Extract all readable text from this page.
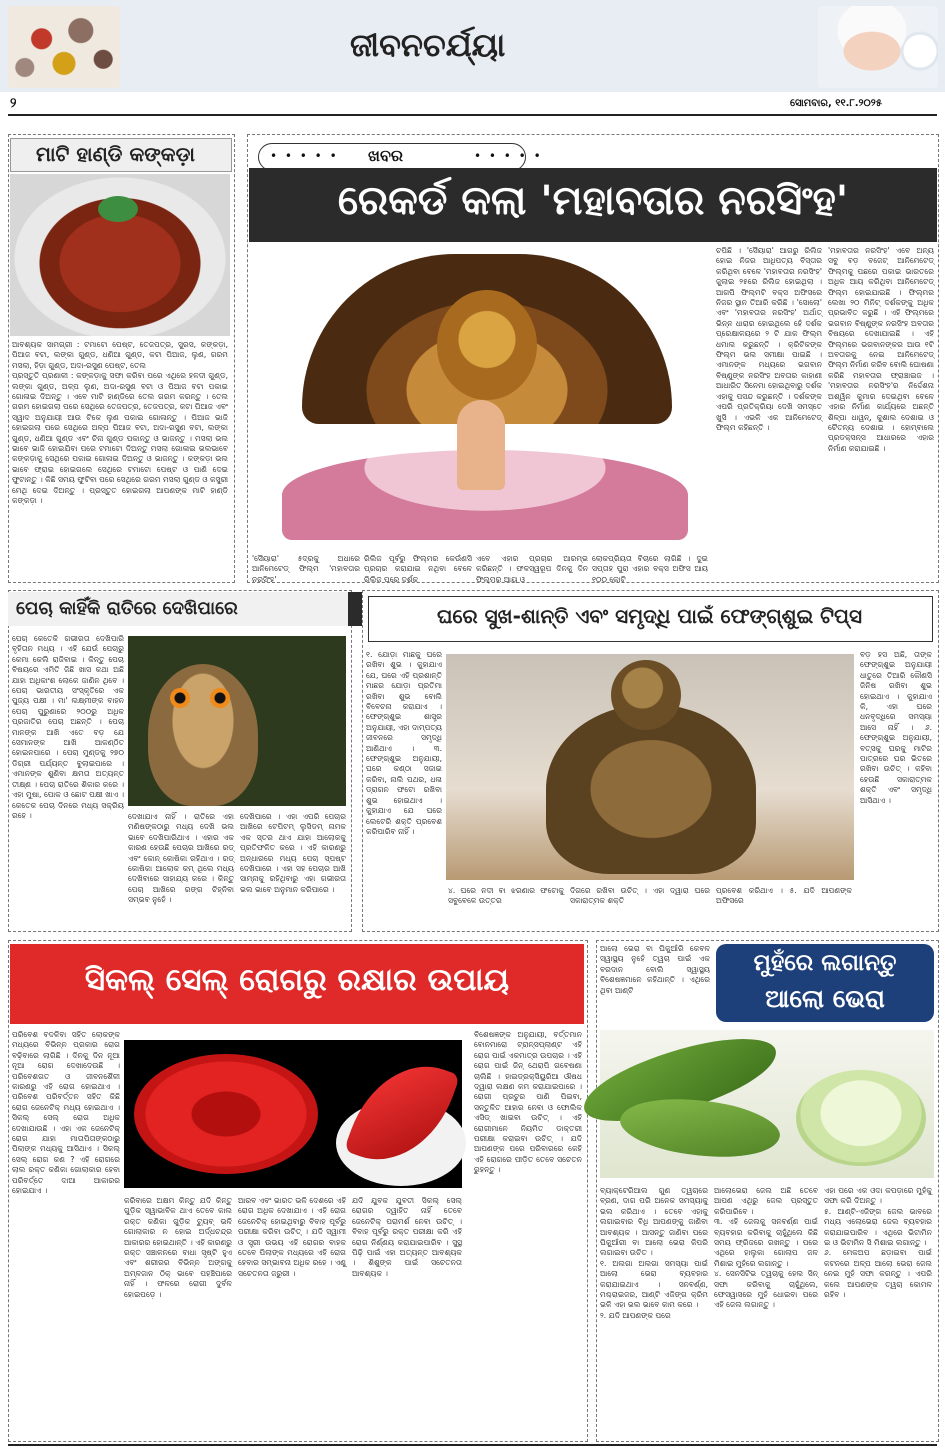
ଜୀବନଚର୍ଯ୍ୟା
୨	ସୋମବାର, ୧୧.୮.୨୦୨୫
ମାଟି ହାଣ୍ଡି କଙ୍କଡ଼ା
ଆବଶ୍ୟକ ସାମଗ୍ରୀ : ଟମାଟୋ ପେଷ୍ଟ, ତେଜପତ୍ର, ସୁରସ, କଙ୍କଡ଼ା, ପିଆଜ ବଟା, ଲଙ୍କା ଗୁଣ୍ଡ, ଧଣିଆ ଗୁଣ୍ଡ, କଟା ପିଆଜ, ଲୁଣ, ଗରମ ମସଲା, ହିଡ଼ା ଗୁଣ୍ଡ, ଅଦା-ରସୁଣ ପେଷ୍ଟ, ତେଲ
ପ୍ରସ୍ତୁତି ପ୍ରଣାଳୀ : କଙ୍କଡ଼ାକୁ ସଫା କରିବା ପରେ ଏଥିରେ ହଳଦୀ ଗୁଣ୍ଡ, ଲଙ୍କା ଗୁଣ୍ଡ, ଅଳ୍ପ ଲୁଣ, ଅଦା-ରସୁଣ ବଟା ଓ ପିଆଜ ବଟା ପକାଇ ଗୋଳାଇ ଦିଅନ୍ତୁ । ଏବେ ମାଟି ହାଣ୍ଡିରେ ତେଲ ଗରମ କରନ୍ତୁ । ତେଲ ଗରମ ହୋଇଗଲା ପରେ ସେଥିରେ ତେଜପତ୍ର, ତେଜପତ୍ର, କଟା ପିଆଜ ଏବଂ ସ୍ୱାଦ ଅନୁଯାୟୀ ଆଉ ଟିକେ ଲୁଣ ପକାଇ ଗୋଳାନ୍ତୁ । ପିଆଜ ଭାଜି ହୋଇଗଲା ପରେ ସେଥିରେ ଅଳ୍ପ ପିଆଜ ବଟା, ଅଦା-ରସୁଣ ବଟା, ଲଙ୍କା ଗୁଣ୍ଡ, ଧଣିଆ ଗୁଣ୍ଡ ଏବଂ ଚିନା ଗୁଣ୍ଡ ପକାନ୍ତୁ ଓ ଭାଜନ୍ତୁ । ମସଲା ଭଲ ଭାବେ ଭାଜି ହୋଇଯିବା ପରେ ଟମାଟୋ ଦିଅନ୍ତୁ ମସଲା ଗୋଳାଇ ଭଲଭାବେ କଙ୍କଡ଼ାକୁ ସେଥିରେ ପକାଇ ଗୋଳାଇ ଦିଅନ୍ତୁ ଓ ଭାଜନ୍ତୁ । କଙ୍କଡ଼ା ଭଲ ଭାବେ ଫ୍ରାଇ ହୋଇଗଲେ ସେଥିରେ ଟମାଟୋ ପେଷ୍ଟ ଓ ପାଣି ଦେଇ ଫୁଟାନ୍ତୁ । କିଛି ସମୟ ଫୁଟିବା ପରେ ସେଥିରେ ଗରମ ମସଲା ଗୁଣ୍ଡ ଓ କସୁରୀ ମେଥି ଦେଇ ଦିଅନ୍ତୁ । ପ୍ରସ୍ତୁତ ହୋଇଗଲା ଆପଣଙ୍କ ମାଟି ହାଣ୍ଡି କଙ୍କଡ଼ା ।
• • • • • ଖବର	• • • • •
ରେକର୍ଡ କଲା 'ମହାବତାର ନରସିଂହ'
ଚପିଛି । 'ସୈୟାରା' ଆଗରୁ ରିଲିଜ ହୋଇ ନିଜର ଆଧିପତ୍ୟ ବିସ୍ତାର କରିଥିବା ବେଳେ 'ମହାବତାର ନରସିଂହ' ଜୁଲାଇ ୨୫ରେ ରିଲିଜ ହୋଇଥିଲା । ଆଗପି ଫିଲ୍ମଟି ବକ୍ସ ଅଫିସରେ ନିଜର ସ୍ଥାନ ତିଆରି କରିଛି । 'ସୋଲୋ' ଏବଂ 'ମହାବତାର ନରସିଂହ' ଅର୍ଥାତ୍ ଭିନ୍ନ ଧାରାର ହୋଇଥିଲେ ହେଁ ଦର୍ଶକ ପ୍ରେକ୍ଷାଳୟରେ ୨ ଟି ଯାକ ଫିଲ୍ମ ଧମାଲ କରୁଛନ୍ତି । କ୍ରିଟିକଙ୍କ ଫିଲ୍ମ ଭଲ ସମୀକ୍ଷା ପାଇଛି । ଏମାନଙ୍କ ମଧ୍ୟରେ ଭଗବାନ ବିଷ୍ଣୁଙ୍କ ନରସିଂହ ଅବତାର କାହାଣୀ ଆଧାରିତ ସିନେମା ହୋଇଥିବାରୁ ଦର୍ଶକ ଏହାକୁ ପସନ୍ଦ କରୁଛନ୍ତି । ଦର୍ଶକଙ୍କ ଏପରି ପ୍ରତିକ୍ରିୟା ଦେଖି ସମସ୍ତେ ଖୁସି । ଏଭଳି ଏକ ଆନିମେଟେଡ୍ ଫିଲ୍ମ କହିଛନ୍ତି ।
'ମହାବତାର ନରସିଂହ' ଏବେ ଅନ୍ୟ ସବୁ ବଡ଼ ବଜେଟ୍ ଆନିମେଟେଡ୍ ଫିଲ୍ମକୁ ପଛରେ ପକାଇ ଭାରତରେ ଅଧିକ ଆୟ କରିଥିବା ଆନିମେଟେଡ୍ ଫିଲ୍ମ ହୋଇଯାଇଛି । ଫିଲ୍ମର ଲେଖା ୨୦ ମିନିଟ୍ ଦର୍ଶକଙ୍କୁ ଅଧିକ ପ୍ରଭାବିତ କରୁଛି । ଏହି ଫିଲ୍ମରେ ଭଗବାନ ବିଷ୍ଣୁଙ୍କ ନରସିଂହ ଅବତାର ବିଷୟରେ ଦେଖାଯାଇଛି । ଏହି ଫିଲ୍ମରେ ଭଗବାନଙ୍କର ଆଉ ୧ଟି ଅବତାରକୁ ନେଇ ଆନିମେଟେଡ୍ ଫିଲ୍ମ ନିର୍ମାଣ କରିବ ବୋଲି ଘୋଷଣା କରିଛି ମହାବତାର ଫ୍ରାଞ୍ଚାଇଜ । 'ମହାବତାର ନରସିଂହ'ର ନିର୍ଦ୍ଦେଶନା ଅଶ୍ୱିନ କୁମାର ଦେଇଥିବା ବେଳେ ଏହାର ନିର୍ମାଣ କାର୍ଯ୍ୟରେ ଅଛନ୍ତି ଶିଳ୍ପା ଧାୱନ୍, କୁଶାଲ ଦେଶାଇ ଓ ଚୈତନ୍ୟ ଦେଶାଇ । ହୋମ୍ବାଲେ ପ୍ରଡକ୍ସନ୍ସ ଆଧାରରେ ଏହାର ନିର୍ମାଣ କରାଯାଇଛି ।
'ସୈୟାରା' ୫ଦ୍ରକୁ ଅଧାରେ ଆନିମେଟେଡ୍ ଫିଲ୍ମ 'ମହାବତାର ନରସିଂହ'
ରିଲିଜ ପୂର୍ବରୁ ଫିଲ୍ମର କେଉଁଣସି ପ୍ରଚାର କରାଯାଇ ନଥିବା ବେଳେ ରିଲିଜ ପରେ ଦର୍ଶକ
ଏବେ ଏହାର ପ୍ରଚାର ଆରମ୍ଭ କରିଛନ୍ତି । ଫଳସ୍ୱରୂପ ଦିନକୁ ଦିନ ଫିଲ୍ମର ଆୟ ଓ
ଲୋକପ୍ରିୟତା ବିଚାରେ ଲାଗିଛି । ଦୁଇ ସପ୍ତାହ ପୁରା ଏହାର ବକ୍ସ ଅଫିସ ଆୟ ୧୦୦ କୋଟି
ପେଚା କାହିଁକି ରାତିରେ ଦେଖିପାରେ
ପେଚା କେତେକି ଗଭୀରତା ଦେଖିପାରି ବୃହିତାନ ମଧ୍ୟ । ଏହି ଯେଉଁ ପେଚାରୁ କେମା କେଲି ରାଜିବାଇ । କିନ୍ତୁ ପେଚା ବିଷୟରେ ଏମିତି ଜିଛି ଖାସ କଥା ଅଛି ଯାହା ଅଧିକାଂଶ ଲୋକେ ଜାଣିନ ଥିବେ । ପେଚା ଭାରତୀୟ ସଂସ୍କୃତିରେ ଏକ ପୁଜ୍ୟ ପକ୍ଷୀ । ମା' ଲକ୍ଷ୍ମୀଙ୍କ ବାହନ ପେଚା ପୁରୁଣାରେ ୨୦୦ରୁ ଅଧିକ ପ୍ରଜାତିର ପେଚା ଅଛନ୍ତି । ପେଚା ମାନଙ୍କ ଆଖି ଏତେ ବଡ଼ ଯେ ସେମାନଙ୍କ ଆଖି ଆକଣ୍ଠିତ ହୋଇନପାରେ । ପେଚା ମୁଣ୍ଡକୁ ୨୭୦ ଡିଗ୍ରୀ ପର୍ଯ୍ୟନ୍ତ ବୁଲାଇପାରେ । ଏମାନଙ୍କ ଶୁଣିବା କ୍ଷମତା ଅତ୍ୟନ୍ତ ତୀକ୍ଷ୍ଣ । ପେଚା ରାତିରେ ଶିକାର କରେ । ଏହା ମୁଷା, ପୋକ ଓ ଛୋଟ ପକ୍ଷୀ ଖାଏ । କେତେକ ପେଚା ଦିନରେ ମଧ୍ୟ ସକ୍ରିୟ ରହେ ।	ଦେଖାଯାଏ ନାହିଁ । ରାତିରେ ଏହା ମଣିଷଙ୍କଠାରୁ ମଧ୍ୟ ଦେଖି ଭଲ ଭାବେ ଦେଖିପାରିଥାଏ । ଏହାର ଏକ କାରଣ ହେଉଛି ପେଚାର ଆଖିରେ ରଡ୍ ଏବଂ କୋନ୍ କୋଷିକା ରହିଥାଏ । ରଡ୍ କୋଷିକା ଆଲୋକ କମ୍ ଥିଲେ ମଧ୍ୟ ଦେଖିବାରେ ସାହାଯ୍ୟ କରେ । କିନ୍ତୁ ପେଚା ଆଖିରେ ରଙ୍ଗ ଚିହ୍ନିବା ସମ୍ଭବ ନୁହେଁ ।
ଦେଖିପାରେ । ଏହା ଏପରି ପେଚାର ଆଖିରେ ଟେପିଟମ୍ ଲୁସିଡମ୍ ନାମକ ଏକ ସ୍ତର ଥାଏ ଯାହା ଆଲୋକକୁ ପ୍ରତିଫଳିତ କରେ । ଏହି କାରଣରୁ ଅନ୍ଧାରରେ ମଧ୍ୟ ପେଚା ସ୍ପଷ୍ଟ ଦେଖିପାରେ । ଏହା ସହ ପେଚାର ଆଖି ସାମ୍ନାକୁ ରହିଥିବାରୁ ଏହା ଗଭୀରତା ଭଲ ଭାବେ ଅନୁମାନ କରିପାରେ ।
ଘରେ ସୁଖ-ଶାନ୍ତି ଏବଂ ସମୃଦ୍ଧି ପାଇଁ ଫେଙ୍ଗ୍‌ଶୁଇ ଟିପ୍ସ
୧. ଯୋଡ଼ା ମାଛକୁ ଘରେ ରଖିବା ଶୁଭ । କୁହାଯାଏ ଯେ, ଘରେ ଏହି ପ୍ରଶାନ୍ତି ମାଛର ଯୋଡ଼ା ପ୍ରତିମା ରଖିବା ଶୁଭ ବୋଲି ବିବେଚନା କରାଯାଏ । ଫେଙ୍ଗ୍‌ଶୁଇ ଶାସ୍ତ୍ର ଅନୁଯାୟୀ, ଏହା ଦାମ୍ପତ୍ୟ ଜୀବନରେ ସମୃଦ୍ଧି ଆଣିଥାଏ । ୩. ଫେଙ୍ଗ୍‌ଶୁଇ ଅନୁଯାୟୀ, ଘରେ କଣ୍ଠା ସଜାଇ କରିବା, ନାଲି ପଥର, ଧଳା ଡ୍ରାଗନ ଫଟୋ ରଖିବା ଶୁଭ ହୋଇଥାଏ । କୁହାଯାଏ ଯେ ଘରେ ଲେଟେରି ଶକ୍ତି ପ୍ରବେଶ କରିପାରିବ ନାହିଁ ।
ବଡ଼ ହସ ଅଛି, ତାଙ୍କ ଫେଙ୍ଗ୍‌ଶୁଇ ଅନୁଯାୟୀ ଧାତୁରେ ତିଆରି କୌଣସି ଜିନିଷ ରଖିବା ଶୁଭ ହୋଇଥାଏ । କୁହାଯାଏ କି, ଏହା ଘରେ ଧନବୃଦ୍ଧିରେ ସମସ୍ୟା ଆସେ ନାହିଁ । ୬. ଫେଙ୍ଗ୍‌ଶୁଇ ଅନୁଯାୟୀ, ବତ୍ସକୁ ଘରକୁ ମାଟିର ପାତ୍ରରେ ଘର ଭିତରେ ରଖିବା ଉଚିତ୍ । କହିବା ହେଉଛି ସକାରାତ୍ମକ ଶକ୍ତି ଏବଂ ସମୃଦ୍ଧି ଆସିଥାଏ ।
୪. ଘରେ ନଦୀ ବା ଝରଣାର ଫଟୋକୁ ସବୁବେଳେ ଉତ୍ତର
ଦିଗରେ ରଖିବା ଉଚିତ୍ । ଏହା ଦ୍ୱାରା ଘରେ ସକାରାତ୍ମକ ଶକ୍ତି
ପ୍ରବେଶ କରିଥାଏ । ୫. ଯଦି ଆପଣଙ୍କ ଅଫିସରେ
ସିକଲ୍ ସେଲ୍ ରୋଗରୁ ରକ୍ଷାର ଉପାୟ
ପରିବେଶ ବଦଳିବା ସହିତ ଲୋକଙ୍କ ମଧ୍ୟରେ ବିଭିନ୍ନ ପ୍ରକାର ରୋଗ ବଢ଼ିବାରେ ଲାଗିଛି । ଦିନକୁ ଦିନ ନୂଆ ନୂଆ ରୋଗ ଦେଖାଦେଉଛି । ପରିବେଶଗତ ଓ ଜୀବନଶୈଳୀ କାରଣରୁ ଏହି ରୋଗ ହୋଇଥାଏ । ପରିବେଶ ପରିବର୍ତ୍ତନ ସହିତ କିଛି ରୋଗ ଜେନେଟିକ୍ ମଧ୍ୟ ହୋଇଥାଏ । ସିକଲ୍ ସେଲ୍ ରୋଗ ଅଧିକ ଦେଖାଯାଉଛି । ଏହା ଏକ ଜେନେଟିକ୍ ରୋଗ ଯାହା ମାତାପିତାଙ୍କଠାରୁ ପିଲାଙ୍କ ମଧ୍ୟକୁ ଆସିଥାଏ । ସିକଲ୍ ସେଲ୍ ରୋଗ କଣ ? ଏହି ରୋଗରେ ଲାଲ ରକ୍ତ କଣିକା ଗୋଲାକାର ହେବା ପରିବର୍ତ୍ତେ ଦାଆ ଆକାରର ହୋଇଯାଏ ।
କରିବାରେ ଅକ୍ଷମ କିନ୍ତୁ ଯଦି କିନ୍ତୁ ଗୁଡ଼ିକ ସ୍ୱାଭାବିକ ଥାଏ ତେବେ କାଲ ରକ୍ତ କଣିକା ଗୁଡ଼ିକ ଟ୍ୟୁବ୍ ଭଳି ଗୋଲାକାର ନ ହୋଇ ଅର୍ଦ୍ଧଚନ୍ଦ୍ର ଆକାରର ହୋଇଥାନ୍ତି । ଏହି କାରଣରୁ ରକ୍ତ ସଞ୍ଚାଳନରେ ବାଧା ସୃଷ୍ଟି ହୁଏ ଏବଂ ଶରୀରର ବିଭିନ୍ନ ଅଙ୍ଗକୁ ଅମ୍ଳଜାନ ଠିକ୍ ଭାବେ ପହଞ୍ଚିପାରେ ନାହିଁ । ଫଳରେ ରୋଗୀ ଦୁର୍ବଳ ହୋଇପଡ଼େ ।
ଆରବ ଏବଂ ଭାରତ ଭଳି ଦେଶରେ ଏହି ରୋଗ ଅଧିକ ଦେଖାଯାଏ । ଏହି ରୋଗ ଜେନେଟିକ୍ ହୋଇଥିବାରୁ ବିବାହ ପୂର୍ବରୁ ପରୀକ୍ଷା କରିବା ଉଚିତ୍ । ଯଦି ସ୍ୱାମୀ ଓ ସ୍ତ୍ରୀ ଉଭୟ ଏହି ରୋଗର ବାହକ ତେବେ ପିଲାଙ୍କ ମଧ୍ୟରେ ଏହି ରୋଗ ହେବାର ସମ୍ଭାବନା ଅଧିକ ରହେ । ଏଣୁ ସଚେତନତା ଜରୁରୀ ।
ଯଦି ଯୁବକ ଯୁବତୀ ସିକଲ୍ ସେଲ୍ ରୋଗର ଦ୍ୱାହିତ ନାହିଁ ତେବେ ଜେନେଟିକ୍ ପରାମର୍ଶ ନେବା ଉଚିତ୍ । ବିବାହ ପୂର୍ବରୁ ରକ୍ତ ପରୀକ୍ଷା କରି ଏହି ରୋଗ ନିର୍ଣ୍ଣୟ କରାଯାଇପାରିବ । ସୁସ୍ଥ ପିଢ଼ି ପାଇଁ ଏହା ଅତ୍ୟନ୍ତ ଆବଶ୍ୟକ । ଶିଶୁଙ୍କ ପାଇଁ ସଚେତନତା ଆବଶ୍ୟକ ।
ବିଶେଷଜ୍ଞଙ୍କ ଅନୁଯାୟୀ, ବର୍ତ୍ତମାନ ବୋନମାରୋ ଟ୍ରାନ୍ସପ୍ଲାଣ୍ଟ ଏହି ରୋଗ ପାଇଁ ଏକମାତ୍ର ଉପଚାର । ଏହି ରୋଗ ପାଇଁ ଜିନ୍ ଥେରାପି ଗବେଷଣା ଚାଲିଛି । ହାଇଡ୍ରକ୍ସିୟୁରିଆ ଔଷଧ ଦ୍ୱାରା ଲକ୍ଷଣ କମ କରାଯାଇପାରେ । ରୋଗୀ ପ୍ରଚୁର ପାଣି ପିଇବା, ସନ୍ତୁଳିତ ଆହାର ନେବା ଓ ଫୋଲିକ ଏସିଡ୍ ଖାଇବା ଉଚିତ୍ । ଏହି ରୋଗୀମାନେ ନିୟମିତ ଡାକ୍ତରୀ ପରୀକ୍ଷା କରାଇବା ଉଚିତ୍ । ଯଦି ଆପଣଙ୍କ ପରେ ପରିବାରରେ କେହି ଏହି ରୋଗରେ ପୀଡ଼ିତ ତେବେ ସଚେତନ ରୁହନ୍ତୁ ।
ଆଲୋ ଭେରା ବା ଘିକୁଆଁରି କେବଳ ସ୍ୱାସ୍ଥ୍ୟ ନୁହେଁ ତ୍ୱଚା ପାଇଁ ଏକ ବରଦାନ ବୋଲି ସ୍ୱାସ୍ଥ୍ୟ ବିଶେଷଜ୍ଞମାନେ କହିଥାନ୍ତି । ଏଥିରେ ଥିବା ଆଣ୍ଟି
ମୁହଁରେ ଲଗାନ୍ତୁ
ଆଲୋ ଭେରା
ବ୍ୟାକ୍ଟେରିଆଲ ଗୁଣ ତ୍ୱଚାରେ ବ୍ରଣ, ଦାଗ ପରି ଅନେକ ସମସ୍ୟାକୁ ଭଲ କରିଥାଏ । ତେବେ ଏହାକୁ ଲଗାଇବାର ବିଧି ଆପଣଙ୍କୁ ଜାଣିବା ଆବଶ୍ୟକ । ଆସନ୍ତୁ ଜାଣିବା ପରେ ଘିକୁଆଁରୀ ବା ଆଲୋ ଭେରା କିପରି ଲଗାଇବା ଉଚିତ ।
୧. ଅଲଗା ଅଲଗା ସମସ୍ୟା ପାଇଁ ଆଲୋ ଭେରା ବ୍ୟବହାର କରାଯାଇଥାଏ । ସନବର୍ଣ୍ଣ, ମଶ୍ଚରାଇଜର, ଆଣ୍ଟି ଏଜିଙ୍ଗ କ୍ରିମ ଭଳି ଏହା ଭଲ ଭାବେ କାମ କରେ ।
୨. ଯଦି ଆପଣଙ୍କ ପରେ
ଆଲୋଭେରା ଜେଲ ଅଛି ତେବେ ଆପଣ ଏଥିରୁ ଜେଲ ପ୍ରସ୍ତୁତ କରିପାରିବେ ।
୩. ଏହି ଜେଲକୁ ସନବର୍ଣ୍ଣ ପାଇଁ ବ୍ୟବହାର କରିବାକୁ ଚାହୁଁଥିଲେ କିଛି ସମୟ ଫ୍ରିଜରେ ରଖନ୍ତୁ । ପରେ ଏଥିରେ ହାଲୁକା ଗୋଲାପ ଜଳ ମିଶାଇ ମୁହଁରେ ଲଗାନ୍ତୁ ।
୪. ସେନସିଟିଭ ତ୍ୱଚାକୁ ହେଲ ସିନ୍ ସଫା କରିବାକୁ ଚାହୁଁଥିଲେ, ଫେସୱାସରେ ମୁହଁ ଧୋଇବା ପରେ ଏହି ଜେଲ ଲଗାନ୍ତୁ ।
ଏହା ପରେ ଏକ ଓଦା କପଡ଼ାରେ ମୁହଁକୁ ସଫା କରି ଦିଅନ୍ତୁ ।
୫. ଆଣ୍ଟି-ଏଜିଙ୍ଗ ଜେଲ ଭାବରେ ମଧ୍ୟ ଏଲୋଭେରା ଜେଲ ବ୍ୟବହାର କରାଯାଇପାରିବ । ଏଥିରେ ଭିଟାମିନ ଇ ଓ ଭିଟାମିନ ସି ମିଶାଇ ଲଗାନ୍ତୁ ।
୬. ମେକଅପ ଛଡ଼ାଇବା ପାଇଁ କଟନରେ ଅଳ୍ପ ଆଲୋ ଭେରା ଜେଲ ନେଇ ମୁହଁ ସଫା କରନ୍ତୁ । ଏପରି କଲେ ଆପଣଙ୍କ ତ୍ୱଚା କୋମଳ ରହିବ ।
